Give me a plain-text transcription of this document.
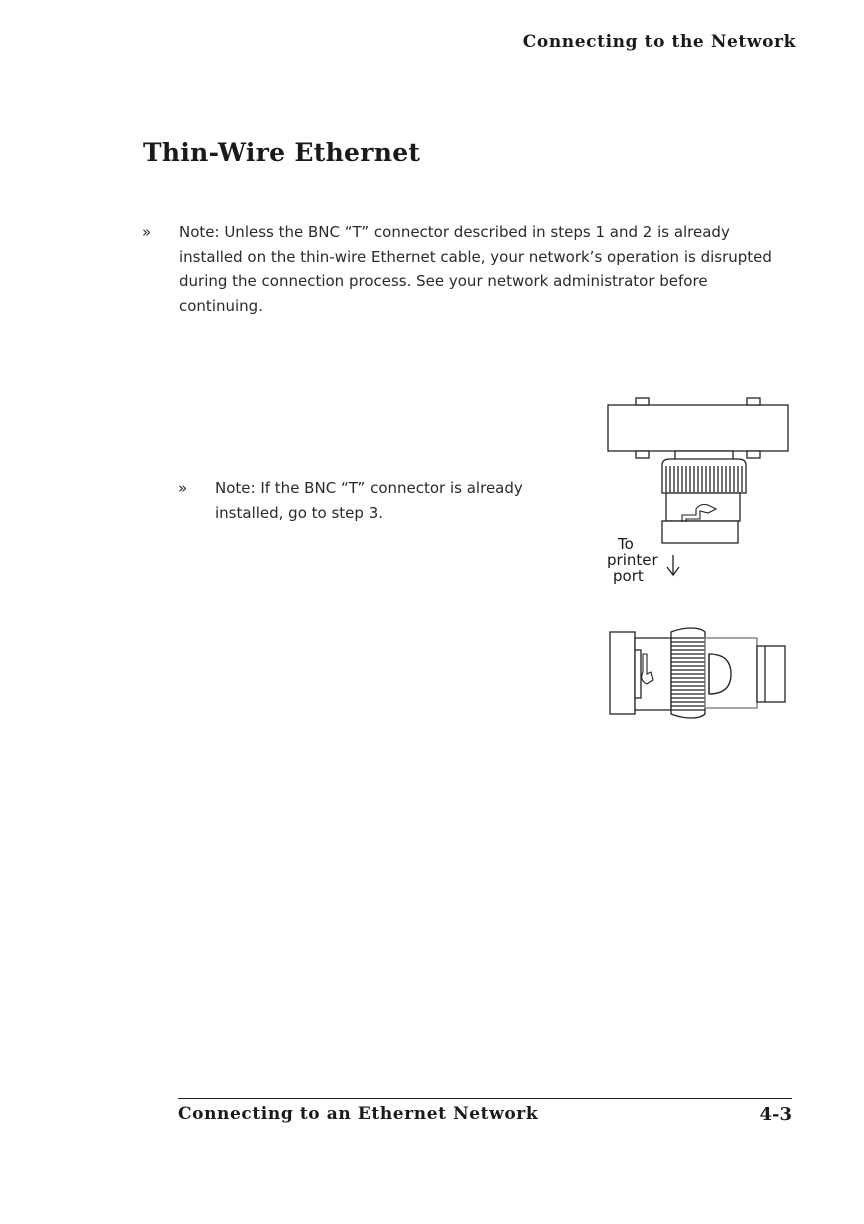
Connecting to the Network
Thin-Wire Ethernet
» Note: Unless the BNC “T” connector described in steps 1 and 2 is already installed on the thin-wire Ethernet cable, your network’s operation is disrupted during the connection process. See your network administrator before continuing.
» Note: If the BNC “T” connector is already installed, go to step 3.
To
printer
port
Connecting to an Ethernet Network	4-3
